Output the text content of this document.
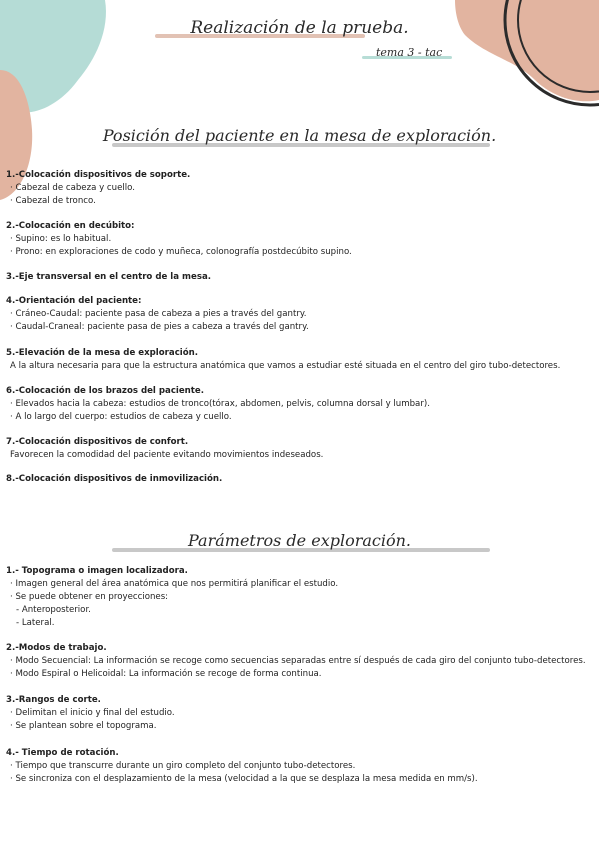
Realización de la prueba.
tema 3 - tac
Posición del paciente en la mesa de exploración.
1.-Colocación dispositivos de soporte.
· Cabezal de cabeza y cuello.
· Cabezal de tronco.
2.-Colocación en decúbito:
· Supino: es lo habitual.
· Prono: en exploraciones de codo y muñeca, colonografía postdecúbito supino.
3.-Eje transversal en el centro de la mesa.
4.-Orientación del paciente:
· Cráneo-Caudal: paciente pasa de cabeza a pies a través del gantry.
· Caudal-Craneal: paciente pasa de pies a cabeza a través del gantry.
5.-Elevación de la mesa de exploración.
A la altura necesaria para que la estructura anatómica que vamos a estudiar esté situada en el centro del giro tubo-detectores.
6.-Colocación de los brazos del paciente.
· Elevados hacia la cabeza: estudios de tronco(tórax, abdomen, pelvis, columna dorsal y lumbar).
· A lo largo del cuerpo: estudios de cabeza y cuello.
7.-Colocación dispositivos de confort.
Favorecen la comodidad del paciente evitando movimientos indeseados.
8.-Colocación dispositivos de inmovilización.
Parámetros de exploración.
1.- Topograma o imagen localizadora.
· Imagen general del área anatómica que nos permitirá planificar el estudio.
· Se puede obtener en proyecciones:
- Anteroposterior.
- Lateral.
2.-Modos de trabajo.
· Modo Secuencial: La información se recoge como secuencias separadas entre sí después de cada giro del conjunto tubo-detectores.
· Modo Espiral o Helicoidal: La información se recoge de forma continua.
3.-Rangos de corte.
· Delimitan el inicio y final del estudio.
· Se plantean sobre el topograma.
4.- Tiempo de rotación.
· Tiempo que transcurre durante un giro completo del conjunto tubo-detectores.
· Se sincroniza con el desplazamiento de la mesa (velocidad a la que se desplaza la mesa medida en mm/s).
